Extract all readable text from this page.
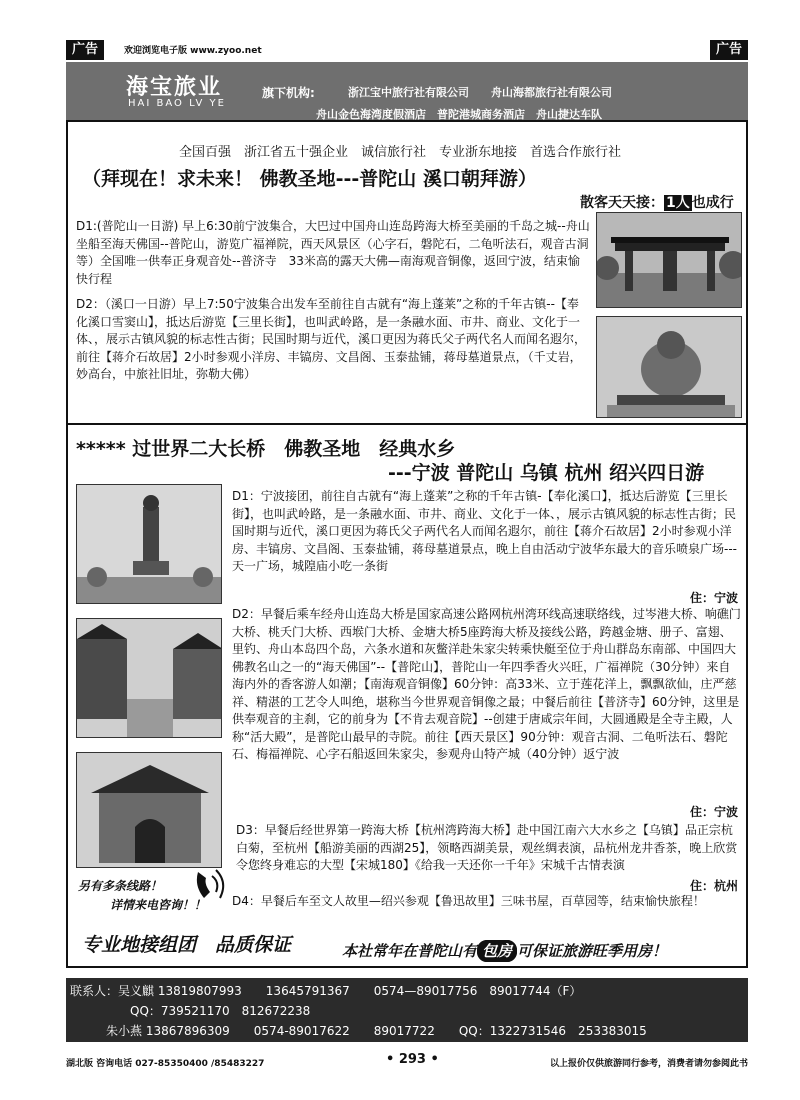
广告	欢迎浏览电子版 www.zyoo.net	广告
海宝旅业
HAI BAO LV YE
旗下机构:	浙江宝中旅行社有限公司　　舟山海都旅行社有限公司
舟山金色海湾度假酒店　普陀港城商务酒店　舟山捷达车队
全国百强　浙江省五十强企业　诚信旅行社　专业浙东地接　首选合作旅行社
（拜现在！求未来！ 佛教圣地---普陀山 溪口朝拜游）
散客天天接： 1人 也成行
D1:(普陀山一日游) 早上6:30前宁波集合，大巴过中国舟山连岛跨海大桥至美丽的千岛之城--舟山坐船至海天佛国--普陀山，游览广福禅院，西天风景区（心字石，磐陀石，二龟听法石，观音古洞等）全国唯一供奉正身观音处--普济寺　33米高的露天大佛—南海观音铜像，返回宁波，结束愉快行程
D2：（溪口一日游）早上7:50宁波集合出发车至前往自古就有“海上蓬莱”之称的千年古镇--【奉化溪口雪窦山】，抵达后游览【三里长街】，也叫武岭路，是一条融水面、市井、商业、文化于一体、，展示古镇风貌的标志性古街；民国时期与近代，溪口更因为蒋氏父子两代名人而闻名遐尔，前往【蒋介石故居】2小时参观小洋房、丰镐房、文昌阁、玉泰盐铺，蒋母墓道景点，（千丈岩，妙高台，中旅社旧址，弥勒大佛）
***** 过世界二大长桥　佛教圣地　经典水乡
---宁波 普陀山 乌镇 杭州 绍兴四日游
D1：宁波接团，前往自古就有“海上蓬莱”之称的千年古镇-【奉化溪口】，抵达后游览【三里长街】，也叫武岭路，是一条融水面、市井、商业、文化于一体、，展示古镇风貌的标志性古街；民国时期与近代，溪口更因为蒋氏父子两代名人而闻名遐尔，前往【蒋介石故居】2小时参观小洋房、丰镐房、文昌阁、玉泰盐铺，蒋母墓道景点，晚上自由活动宁波华东最大的音乐喷泉广场---天一广场，城隍庙小吃一条街
住：宁波
D2：早餐后乘车经舟山连岛大桥是国家高速公路网杭州湾环线高速联络线，过岑港大桥、响礁门大桥、桃夭门大桥、西堠门大桥、金塘大桥5座跨海大桥及接线公路，跨越金塘、册子、富翅、里钓、舟山本岛四个岛，六条水道和灰鳖洋赴朱家尖转乘快艇至位于舟山群岛东南部、中国四大佛教名山之一的“海天佛国”--【普陀山】，普陀山一年四季香火兴旺，广福禅院（30分钟）来自海内外的香客游人如潮；【南海观音铜像】60分钟：高33米、立于莲花洋上，飘飘欲仙，庄严慈祥、精湛的工艺令人叫绝，堪称当今世界观音铜像之最；中餐后前往【普济寺】60分钟，这里是供奉观音的主刹，它的前身为【不肯去观音院】--创建于唐咸宗年间，大圆通殿是全寺主殿，人称“活大殿”，是普陀山最早的寺院。前往【西天景区】90分钟：观音古洞、二龟听法石、磐陀石、梅福禅院、心字石船返回朱家尖，参观舟山特产城（40分钟）返宁波
住：宁波
D3：早餐后经世界第一跨海大桥【杭州湾跨海大桥】赴中国江南六大水乡之【乌镇】品正宗杭白菊，至杭州【船游美丽的西湖25】，领略西湖美景，观丝绸表演，品杭州龙井香茶，晚上欣赏令您终身难忘的大型【宋城180】《给我一天还你一千年》宋城千古情表演
住：杭州
D4：早餐后车至文人故里—绍兴参观【鲁迅故里】三味书屋，百草园等，结束愉快旅程！
另有多条线路！
详情来电咨询！！
专业地接组团　品质保证	本社常年在普陀山有 包房 可保证旅游旺季用房！
联系人：吴义麒 13819807993　　13645791367　　0574—89017756　89017744（F）
　　　　　QQ：739521170　812672238
　　　朱小燕 13867896309　　0574-89017622　　89017722　　QQ：1322731546　253383015
湖北版 咨询电话 027-85350400 /85483227	• 293 •	以上报价仅供旅游同行参考，消费者请勿参阅此书
